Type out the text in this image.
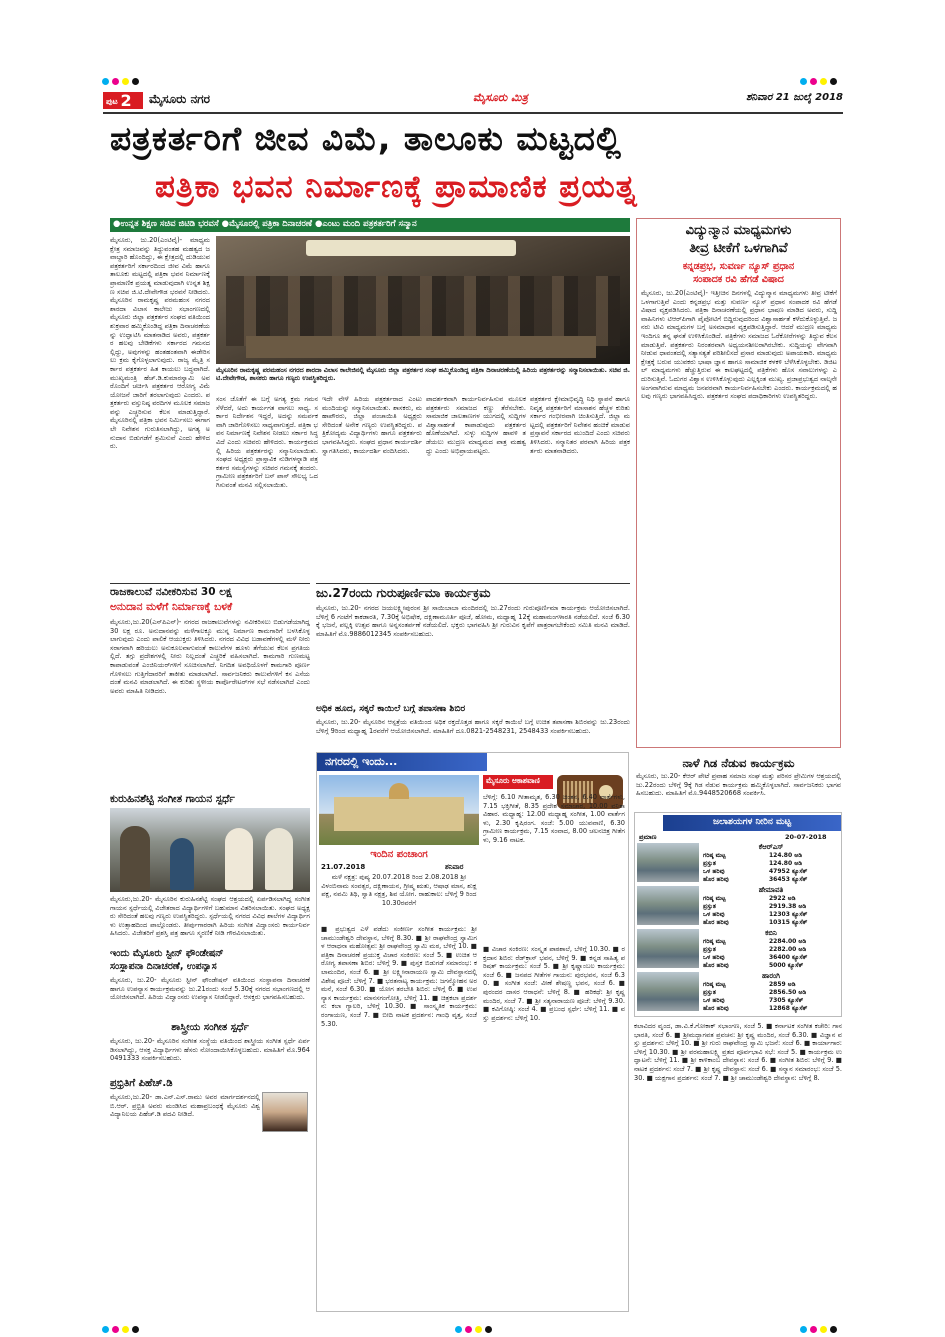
ಪುಟ 2	ಮೈಸೂರು ನಗರ	ಮೈಸೂರು ಮಿತ್ರ	ಶನಿವಾರ 21 ಜುಲೈ 2018
ಪತ್ರಕರ್ತರಿಗೆ ಜೀವ ವಿಮೆ, ತಾಲೂಕು ಮಟ್ಟದಲ್ಲಿ
ಪತ್ರಿಕಾ ಭವನ ನಿರ್ಮಾಣಕ್ಕೆ ಪ್ರಾಮಾಣಿಕ ಪ್ರಯತ್ನ
●ಉನ್ನತ ಶಿಕ್ಷಣ ಸಚಿವ ಜಿಟಿಡಿ ಭರವಸೆ ●ಮೈಸೂರಲ್ಲಿ ಪತ್ರಿಕಾ ದಿನಾಚರಣೆ ●ಎಂಟು ಮಂದಿ ಪತ್ರಕರ್ತರಿಗೆ ಸನ್ಮಾನ
ಮೈಸೂರು, ಜು.20(ಎಂಟಿವೈ)- ಮಾಧ್ಯಮ ಕ್ಷೇತ್ರ ಸಮಾಜವನ್ನು ತಿದ್ದುವಂತಹ ಮಹತ್ವದ ಜವಾಬ್ದಾರಿ ಹೊಂದಿದ್ದು, ಈ ಕ್ಷೇತ್ರದಲ್ಲಿ ದುಡಿಯುವ ಪತ್ರಕರ್ತರಿಗೆ ಸರ್ಕಾರದಿಂದ ಜೀವ ವಿಮೆ ಹಾಗೂ ತಾಲೂಕು ಮಟ್ಟದಲ್ಲಿ ಪತ್ರಿಕಾ ಭವನ ನಿರ್ಮಾಣಕ್ಕೆ ಪ್ರಾಮಾಣಿಕ ಪ್ರಯತ್ನ ಮಾಡುವುದಾಗಿ ಉನ್ನತ ಶಿಕ್ಷಣ ಸಚಿವ ಜಿ.ಟಿ.ದೇವೇಗೌಡ ಭರವಸೆ ನೀಡಿದರು. ಮೈಸೂರಿನ ರಾಮಕೃಷ್ಣ ಪರಮಹಂಸ ನಗರದ ಶಾರದಾ ವಿಲಾಸ ಕಾಲೇಜು ಸಭಾಂಗಣದಲ್ಲಿ ಮೈಸೂರು ಜಿಲ್ಲಾ ಪತ್ರಕರ್ತರ ಸಂಘದ ವತಿಯಿಂದ ಶುಕ್ರವಾರ ಹಮ್ಮಿಕೊಂಡಿದ್ದ ಪತ್ರಿಕಾ ದಿನಾಚರಣೆಯನ್ನು ಉದ್ಘಾಟಿಸಿ ಮಾತನಾಡಿದ ಅವರು, ಪತ್ರಕರ್ತರ ಹಲವು ಬೇಡಿಕೆಗಳು ಸರ್ಕಾರದ ಗಮನದಲ್ಲಿದ್ದು, ಅವುಗಳನ್ನು ಹಂತಹಂತವಾಗಿ ಈಡೇರಿಸಲು ಕ್ರಮ ಕೈಗೊಳ್ಳಲಾಗುವುದು. ರಾಜ್ಯ ಮೈತ್ರಿ ಸರ್ಕಾರ ಪತ್ರಕರ್ತರ ಹಿತ ಕಾಯಲು ಬದ್ಧವಾಗಿದೆ. ಮುಖ್ಯಮಂತ್ರಿ ಹೆಚ್.ಡಿ.ಕುಮಾರಸ್ವಾಮಿ ಅವರೊಂದಿಗೆ ಚರ್ಚಿಸಿ ಪತ್ರಕರ್ತರ ಆರೋಗ್ಯ ವಿಮೆ ಯೋಜನೆ ಜಾರಿಗೆ ತರಲಾಗುವುದು ಎಂದರು. ಪತ್ರಕರ್ತರು ವಸ್ತುನಿಷ್ಠ ವರದಿಗಳ ಮೂಲಕ ಸಮಾಜವನ್ನು ಎಚ್ಚರಿಸುವ ಕೆಲಸ ಮಾಡುತ್ತಿದ್ದಾರೆ. ಮೈಸೂರಿನಲ್ಲಿ ಪತ್ರಿಕಾ ಭವನ ನಿರ್ಮಿಸಲು ಈಗಾಗಲೇ ನಿವೇಶನ ಗುರುತಿಸಲಾಗಿದ್ದು, ಅಗತ್ಯ ಅನುದಾನ ಬಿಡುಗಡೆಗೆ ಶ್ರಮಿಸುವೆ ಎಂದು ಹೇಳಿದರು.
ಮೈಸೂರಿನ ರಾಮಕೃಷ್ಣ ಪರಮಹಂಸ ನಗರದ ಶಾರದಾ ವಿಲಾಸ ಕಾಲೇಜಿನಲ್ಲಿ ಮೈಸೂರು ಜಿಲ್ಲಾ ಪತ್ರಕರ್ತರ ಸಂಘ ಹಮ್ಮಿಕೊಂಡಿದ್ದ ಪತ್ರಿಕಾ ದಿನಾಚರಣೆಯಲ್ಲಿ ಹಿರಿಯ ಪತ್ರಕರ್ತರನ್ನು ಸನ್ಮಾನಿಸಲಾಯಿತು. ಸಚಿವ ಜಿ.ಟಿ.ದೇವೇಗೌಡ, ಶಾಸಕರು ಹಾಗೂ ಗಣ್ಯರು ಉಪಸ್ಥಿತರಿದ್ದರು.
ಸಂಸ ಜೊತೆಗೆ ಈ ಬಗ್ಗೆ ಅಗತ್ಯ ಕ್ರಮ ಗಮನ ಸೆಳೆದರೆ, ಅದು ಕಾರ್ಯಗತ ವಾಗಲು ಸಾಧ್ಯ. ಸರ್ಕಾರ ನಿರ್ದೇಶನ ಇದ್ದರೆ, ಅದನ್ನು ಸಮರ್ಪಕವಾಗಿ ಜಾರಿಗೊಳಿಸಲು ಸಾಧ್ಯವಾಗುತ್ತದೆ. ಪತ್ರಿಕಾ ಭವನ ನಿರ್ಮಾಣಕ್ಕೆ ನಿವೇಶನ ನೀಡಲು ಸರ್ಕಾರ ಸಿದ್ಧವಿದೆ ಎಂದು ಸಚಿವರು ಹೇಳಿದರು. ಕಾರ್ಯಕ್ರಮದಲ್ಲಿ ಹಿರಿಯ ಪತ್ರಕರ್ತರನ್ನು ಸನ್ಮಾನಿಸಲಾಯಿತು. ಸಂಘದ ಅಧ್ಯಕ್ಷರು ಪ್ರಾಸ್ತಾವಿಕ ನುಡಿಗಳನ್ನಾಡಿ ಪತ್ರಕರ್ತರ ಸಮಸ್ಯೆಗಳನ್ನು ಸಚಿವರ ಗಮನಕ್ಕೆ ತಂದರು. ಗ್ರಾಮೀಣ ಪತ್ರಕರ್ತರಿಗೆ ಬಸ್ ಪಾಸ್ ಸೌಲಭ್ಯ ಒದಗಿಸುವಂತೆ ಮನವಿ ಸಲ್ಲಿಸಲಾಯಿತು.
ಇದೇ ವೇಳೆ ಹಿರಿಯ ಪತ್ರಕರ್ತರಾದ ಎಂಟು ಮಂದಿಯನ್ನು ಸನ್ಮಾನಿಸಲಾಯಿತು. ಶಾಸಕರು, ಮಹಾಪೌರರು, ಜಿಲ್ಲಾ ಪಂಚಾಯಿತಿ ಅಧ್ಯಕ್ಷರು ಸೇರಿದಂತೆ ಅನೇಕ ಗಣ್ಯರು ಉಪಸ್ಥಿತರಿದ್ದರು. ಪತ್ರಿಕೋದ್ಯಮ ವಿದ್ಯಾರ್ಥಿಗಳು ಹಾಗೂ ಪತ್ರಕರ್ತರು ಭಾಗವಹಿಸಿದ್ದರು. ಸಂಘದ ಪ್ರಧಾನ ಕಾರ್ಯದರ್ಶಿ ಸ್ವಾಗತಿಸಿದರು, ಕಾರ್ಯದರ್ಶಿ ವಂದಿಸಿದರು.
ಪಾದರ್ಶಕವಾಗಿ ಕಾರ್ಯನಿರ್ವಹಿಸುವ ಮೂಲಕ ಪತ್ರಕರ್ತರು ಸಮಾಜದ ಕಣ್ಣು ತೆರೆಸಬೇಕು. ಸಾಮಾಜಿಕ ಜಾಲತಾಣಗಳ ಯುಗದಲ್ಲಿ ಸುದ್ದಿಗಳ ವಿಶ್ವಾಸಾರ್ಹತೆ ಕಾಪಾಡುವುದು ಪತ್ರಕರ್ತರ ಹೊಣೆಯಾಗಿದೆ. ಸುಳ್ಳು ಸುದ್ದಿಗಳ ಹಾವಳಿ ತಡೆಯಲು ಮುದ್ರಣ ಮಾಧ್ಯಮದ ಪಾತ್ರ ಮಹತ್ವದ್ದು ಎಂದು ಅಭಿಪ್ರಾಯಪಟ್ಟರು.
ಪತ್ರಕರ್ತರ ಕ್ಷೇಮಾಭಿವೃದ್ಧಿ ನಿಧಿ ಸ್ಥಾಪನೆ ಹಾಗೂ ನಿವೃತ್ತ ಪತ್ರಕರ್ತರಿಗೆ ಮಾಸಾಶನ ಹೆಚ್ಚಳ ಕುರಿತು ಸರ್ಕಾರ ಗಂಭೀರವಾಗಿ ಚಿಂತಿಸುತ್ತಿದೆ. ಜಿಲ್ಲಾ ಮಟ್ಟದಲ್ಲಿ ಪತ್ರಕರ್ತರಿಗೆ ನಿವೇಶನ ಹಂಚಿಕೆ ಮಾಡುವ ಪ್ರಸ್ತಾವನೆ ಸರ್ಕಾರದ ಮುಂದಿದೆ ಎಂದು ಸಚಿವರು ತಿಳಿಸಿದರು. ಸನ್ಮಾನಿತರ ಪರವಾಗಿ ಹಿರಿಯ ಪತ್ರಕರ್ತರು ಮಾತನಾಡಿದರು.
ವಿದ್ಯುನ್ಮಾನ ಮಾಧ್ಯಮಗಳು
ತೀವ್ರ ಟೀಕೆಗೆ ಒಳಗಾಗಿವೆ
ಕನ್ನಡಪ್ರಭ, ಸುವರ್ಣ ನ್ಯೂಸ್ ಪ್ರಧಾನ
ಸಂಪಾದಕ ರವಿ ಹೆಗಡೆ ವಿಷಾದ
ಮೈಸೂರು, ಜು.20(ಎಂಟಿವೈ)- ಇತ್ತೀಚಿನ ದಿನಗಳಲ್ಲಿ ವಿದ್ಯುನ್ಮಾನ ಮಾಧ್ಯಮಗಳು ತೀವ್ರ ಟೀಕೆಗೆ ಒಳಗಾಗುತ್ತಿವೆ ಎಂದು ಕನ್ನಡಪ್ರಭ ಮತ್ತು ಸುವರ್ಣ ನ್ಯೂಸ್ ಪ್ರಧಾನ ಸಂಪಾದಕ ರವಿ ಹೆಗಡೆ ವಿಷಾದ ವ್ಯಕ್ತಪಡಿಸಿದರು. ಪತ್ರಿಕಾ ದಿನಾಚರಣೆಯಲ್ಲಿ ಪ್ರಧಾನ ಭಾಷಣ ಮಾಡಿದ ಅವರು, ಸುದ್ದಿ ವಾಹಿನಿಗಳು ಟಿಆರ್‌ಪಿಗಾಗಿ ಪೈಪೋಟಿಗೆ ಬಿದ್ದಿರುವುದರಿಂದ ವಿಶ್ವಾಸಾರ್ಹತೆ ಕಳೆದುಕೊಳ್ಳುತ್ತಿವೆ. ಜನರು ಟೀವಿ ಮಾಧ್ಯಮಗಳ ಬಗ್ಗೆ ಅಸಮಾಧಾನ ವ್ಯಕ್ತಪಡಿಸುತ್ತಿದ್ದಾರೆ. ಆದರೆ ಮುದ್ರಣ ಮಾಧ್ಯಮ ಇಂದಿಗೂ ತನ್ನ ಘನತೆ ಉಳಿಸಿಕೊಂಡಿದೆ. ಪತ್ರಿಕೆಗಳು ಸಮಾಜದ ಓರೆಕೋರೆಗಳನ್ನು ತಿದ್ದುವ ಕೆಲಸ ಮಾಡುತ್ತಿವೆ. ಪತ್ರಕರ್ತರು ನಿರಂತರವಾಗಿ ಅಧ್ಯಯನಶೀಲರಾಗಿರಬೇಕು. ಸುದ್ದಿಯನ್ನು ವೇಗವಾಗಿ ನೀಡುವ ಧಾವಂತದಲ್ಲಿ ಸತ್ಯಾಸತ್ಯತೆ ಪರಿಶೀಲಿಸದೆ ಪ್ರಸಾರ ಮಾಡುವುದು ಅಪಾಯಕಾರಿ. ಮಾಧ್ಯಮ ಕ್ಷೇತ್ರಕ್ಕೆ ಬರುವ ಯುವಕರು ಭಾಷಾ ಜ್ಞಾನ ಹಾಗೂ ಸಾಮಾಜಿಕ ಕಳಕಳಿ ಬೆಳೆಸಿಕೊಳ್ಳಬೇಕು. ಡಿಜಿಟಲ್ ಮಾಧ್ಯಮಗಳು ಹೆಚ್ಚುತ್ತಿರುವ ಈ ಕಾಲಘಟ್ಟದಲ್ಲಿ ಪತ್ರಿಕೆಗಳು ಹೊಸ ಸವಾಲುಗಳನ್ನು ಎದುರಿಸುತ್ತಿವೆ. ಓದುಗರ ವಿಶ್ವಾಸ ಉಳಿಸಿಕೊಳ್ಳುವುದು ಎಲ್ಲಕ್ಕಿಂತ ಮುಖ್ಯ. ಪ್ರಜಾಪ್ರಭುತ್ವದ ನಾಲ್ಕನೇ ಅಂಗವಾಗಿರುವ ಮಾಧ್ಯಮ ಜನಪರವಾಗಿ ಕಾರ್ಯನಿರ್ವಹಿಸಬೇಕು ಎಂದರು. ಕಾರ್ಯಕ್ರಮದಲ್ಲಿ ಹಲವು ಗಣ್ಯರು ಭಾಗವಹಿಸಿದ್ದರು. ಪತ್ರಕರ್ತರ ಸಂಘದ ಪದಾಧಿಕಾರಿಗಳು ಉಪಸ್ಥಿತರಿದ್ದರು.
ನಾಳೆ ಗಿಡ ನೆಡುವ ಕಾರ್ಯಕ್ರಮ
ಮೈಸೂರು, ಜು.20- ಕೆಆರ್ ಪೇಟೆ ಪ್ರವಾಹ ಸಮಾಜ ಸಂಘ ಮತ್ತು ಪರಿಸರ ಪ್ರೇಮಿಗಳ ಆಶ್ರಯದಲ್ಲಿ ಜು.22ರಂದು ಬೆಳಿಗ್ಗೆ 9ಕ್ಕೆ ಗಿಡ ನೆಡುವ ಕಾರ್ಯಕ್ರಮ ಹಮ್ಮಿಕೊಳ್ಳಲಾಗಿದೆ. ಸಾರ್ವಜನಿಕರು ಭಾಗವಹಿಸಬಹುದು. ಮಾಹಿತಿಗೆ ಮೊ.9448520668 ಸಂಪರ್ಕಿಸಿ.
ರಾಜಕಾಲುವೆ ನವೀಕರಿಸುವ 30 ಲಕ್ಷ
ಅನುದಾನ ಮಳೆಗೆ ನಿರ್ಮಾಣಕ್ಕೆ ಬಳಕೆ
ಮೈಸೂರು,ಜು.20(ಎಸ್‌ಪಿಎನ್)- ನಗರದ ರಾಜಕಾಲುವೆಗಳನ್ನು ನವೀಕರಿಸಲು ಬಿಡುಗಡೆಯಾಗಿದ್ದ 30 ಲಕ್ಷ ರೂ. ಅನುದಾನವನ್ನು ಮಳೆಗಾಲಕ್ಕೂ ಮುನ್ನ ನಿರ್ಮಾಣ ಕಾಮಗಾರಿಗೆ ಬಳಸಿಕೊಳ್ಳಲಾಗುವುದು ಎಂದು ಪಾಲಿಕೆ ಆಯುಕ್ತರು ತಿಳಿಸಿದರು. ನಗರದ ವಿವಿಧ ಬಡಾವಣೆಗಳಲ್ಲಿ ಮಳೆ ನೀರು ಸರಾಗವಾಗಿ ಹರಿಯಲು ಅನುಕೂಲವಾಗುವಂತೆ ಕಾಲುವೆಗಳ ಹೂಳು ತೆಗೆಯುವ ಕೆಲಸ ಪ್ರಗತಿಯಲ್ಲಿದೆ. ತಗ್ಗು ಪ್ರದೇಶಗಳಲ್ಲಿ ನೀರು ನಿಲ್ಲದಂತೆ ಎಚ್ಚರಿಕೆ ವಹಿಸಲಾಗಿದೆ. ಕಾಮಗಾರಿ ಗುಣಮಟ್ಟ ಕಾಪಾಡುವಂತೆ ಎಂಜಿನಿಯರ್‌ಗಳಿಗೆ ಸೂಚಿಸಲಾಗಿದೆ. ನಿಗದಿತ ಅವಧಿಯೊಳಗೆ ಕಾಮಗಾರಿ ಪೂರ್ಣಗೊಳಿಸಲು ಗುತ್ತಿಗೆದಾರರಿಗೆ ತಾಕೀತು ಮಾಡಲಾಗಿದೆ. ಸಾರ್ವಜನಿಕರು ಕಾಲುವೆಗಳಿಗೆ ಕಸ ಎಸೆಯದಂತೆ ಮನವಿ ಮಾಡಲಾಗಿದೆ. ಈ ಕುರಿತು ಸ್ಥಳೀಯ ಕಾರ್ಪೊರೇಟರ್‌ಗಳ ಸಭೆ ನಡೆಸಲಾಗಿದೆ ಎಂದು ಅವರು ಮಾಹಿತಿ ನೀಡಿದರು.
ಕುರುಹಿನಶೆಟ್ಟಿ ಸಂಗೀತ ಗಾಯನ ಸ್ಪರ್ಧೆ
ಮೈಸೂರು,ಜು.20- ಮೈಸೂರಿನ ಕುರುಹಿನಶೆಟ್ಟಿ ಸಂಘದ ಆಶ್ರಯದಲ್ಲಿ ಏರ್ಪಡಿಸಲಾಗಿದ್ದ ಸಂಗೀತ ಗಾಯನ ಸ್ಪರ್ಧೆಯಲ್ಲಿ ವಿಜೇತರಾದ ವಿದ್ಯಾರ್ಥಿಗಳಿಗೆ ಬಹುಮಾನ ವಿತರಿಸಲಾಯಿತು. ಸಂಘದ ಅಧ್ಯಕ್ಷರು ಸೇರಿದಂತೆ ಹಲವು ಗಣ್ಯರು ಉಪಸ್ಥಿತರಿದ್ದರು. ಸ್ಪರ್ಧೆಯಲ್ಲಿ ನಗರದ ವಿವಿಧ ಶಾಲೆಗಳ ವಿದ್ಯಾರ್ಥಿಗಳು ಉತ್ಸಾಹದಿಂದ ಪಾಲ್ಗೊಂಡರು. ತೀರ್ಪುಗಾರರಾಗಿ ಹಿರಿಯ ಸಂಗೀತ ವಿದ್ವಾಂಸರು ಕಾರ್ಯನಿರ್ವಹಿಸಿದರು. ವಿಜೇತರಿಗೆ ಪ್ರಶಸ್ತಿ ಪತ್ರ ಹಾಗೂ ಸ್ಮರಣಿಕೆ ನೀಡಿ ಗೌರವಿಸಲಾಯಿತು.
ಇಂದು ಮೈಸೂರು ಸ್ಟೀನ್ ಫೌಂಡೇಷನ್
ಸಂಸ್ಥಾಪನಾ ದಿನಾಚರಣೆ, ಉಪನ್ಯಾಸ
ಮೈಸೂರು, ಜು.20- ಮೈಸೂರು ಸ್ಟೀನ್ ಫೌಂಡೇಷನ್ ವತಿಯಿಂದ ಸಂಸ್ಥಾಪನಾ ದಿನಾಚರಣೆ ಹಾಗೂ ಉಪನ್ಯಾಸ ಕಾರ್ಯಕ್ರಮವನ್ನು ಜು.21ರಂದು ಸಂಜೆ 5.30ಕ್ಕೆ ನಗರದ ಸಭಾಂಗಣದಲ್ಲಿ ಆಯೋಜಿಸಲಾಗಿದೆ. ಹಿರಿಯ ವಿದ್ವಾಂಸರು ಉಪನ್ಯಾಸ ನೀಡಲಿದ್ದಾರೆ. ಆಸಕ್ತರು ಭಾಗವಹಿಸಬಹುದು.
ಶಾಸ್ತ್ರೀಯ ಸಂಗೀತ ಸ್ಪರ್ಧೆ
ಮೈಸೂರು, ಜು.20- ಮೈಸೂರಿನ ಸಂಗೀತ ಸಂಸ್ಥೆಯ ವತಿಯಿಂದ ಶಾಸ್ತ್ರೀಯ ಸಂಗೀತ ಸ್ಪರ್ಧೆ ಏರ್ಪಡಿಸಲಾಗಿದ್ದು, ಆಸಕ್ತ ವಿದ್ಯಾರ್ಥಿಗಳು ಹೆಸರು ನೋಂದಾಯಿಸಿಕೊಳ್ಳಬಹುದು. ಮಾಹಿತಿಗೆ ಮೊ.9640491333 ಸಂಪರ್ಕಿಸಬಹುದು.
ಪ್ರಭ್ರಿತಿಗೆ ಪಿಹೆಚ್.ಡಿ
ಮೈಸೂರು,ಜು.20- ಡಾ.ಎನ್.ಎಸ್.ರಾಮು ಅವರ ಮಾರ್ಗದರ್ಶನದಲ್ಲಿ ಬಿ.ಆರ್. ಪ್ರಭ್ರಿತಿ ಅವರು ಮಂಡಿಸಿದ ಮಹಾಪ್ರಬಂಧಕ್ಕೆ ಮೈಸೂರು ವಿಶ್ವವಿದ್ಯಾನಿಲಯ ಪಿಹೆಚ್.ಡಿ ಪದವಿ ನೀಡಿದೆ.
ಜು.27ರಂದು ಗುರುಪೂರ್ಣಿಮಾ ಕಾರ್ಯಕ್ರಮ
ಮೈಸೂರು, ಜು.20- ನಗರದ ಜಯಲಕ್ಷ್ಮೀಪುರಂನ ಶ್ರೀ ಸಾಯಿಬಾಬಾ ಮಂದಿರದಲ್ಲಿ ಜು.27ರಂದು ಗುರುಪೂರ್ಣಿಮಾ ಕಾರ್ಯಕ್ರಮ ಆಯೋಜಿಸಲಾಗಿದೆ. ಬೆಳಿಗ್ಗೆ 6 ಗಂಟೆಗೆ ಕಾಕಡಾರತಿ, 7.30ಕ್ಕೆ ಅಭಿಷೇಕ, ದಕ್ಷಿಣಾಮೂರ್ತಿ ಪೂಜೆ, ಹೋಮ, ಮಧ್ಯಾಹ್ನ 12ಕ್ಕೆ ಮಹಾಮಂಗಳಾರತಿ ನಡೆಯಲಿದೆ. ಸಂಜೆ 6.30ಕ್ಕೆ ಭಜನೆ, ಪಲ್ಲಕ್ಕಿ ಉತ್ಸವ ಹಾಗೂ ಅನ್ನಸಂತರ್ಪಣೆ ನಡೆಯಲಿದೆ. ಭಕ್ತರು ಭಾಗವಹಿಸಿ ಶ್ರೀ ಗುರುವಿನ ಕೃಪೆಗೆ ಪಾತ್ರರಾಗಬೇಕೆಂದು ಸಮಿತಿ ಮನವಿ ಮಾಡಿದೆ. ಮಾಹಿತಿಗೆ ಮೊ.9886012345 ಸಂಪರ್ಕಿಸಬಹುದು.
ಅಧಿಕ ಹೂದ, ಸಕ್ಕರೆ ಕಾಯಿಲೆ ಬಗ್ಗೆ ತಪಾಸಣಾ ಶಿಬಿರ
ಮೈಸೂರು, ಜು.20- ಮೈಸೂರಿನ ಆಸ್ಪತ್ರೆಯ ವತಿಯಿಂದ ಅಧಿಕ ರಕ್ತದೊತ್ತಡ ಹಾಗೂ ಸಕ್ಕರೆ ಕಾಯಿಲೆ ಬಗ್ಗೆ ಉಚಿತ ತಪಾಸಣಾ ಶಿಬಿರವನ್ನು ಜು.23ರಂದು ಬೆಳಿಗ್ಗೆ 9ರಿಂದ ಮಧ್ಯಾಹ್ನ 1ರವರೆಗೆ ಆಯೋಜಿಸಲಾಗಿದೆ. ಮಾಹಿತಿಗೆ ದೂ.0821-2548231, 2548433 ಸಂಪರ್ಕಿಸಬಹುದು.
ನಗರದಲ್ಲಿ ಇಂದು...
ಇಂದಿನ ಪಂಚಾಂಗ
21.07.2018	ಶನಿವಾರ
ಮಳೆ ನಕ್ಷತ್ರ: ಪುಷ್ಯ 20.07.2018 ರಿಂದ 2.08.2018 ಶ್ರೀ ವಿಳಂಬಿನಾಮ ಸಂವತ್ಸರ, ದಕ್ಷಿಣಾಯನ, ಗ್ರೀಷ್ಮ ಋತು, ಆಷಾಢ ಮಾಸ, ಶುಕ್ಲ ಪಕ್ಷ, ನವಮಿ ತಿಥಿ, ಸ್ವಾತಿ ನಕ್ಷತ್ರ, ಶಿವ ಯೋಗ. ರಾಹುಕಾಲ: ಬೆಳಿಗ್ಗೆ 9 ರಿಂದ 10.30ರವರೆಗೆ
■ ಪ್ರಭುತ್ವದ ಎಳೆ ಪಡೆದು ಸಂಕೀರ್ಣ ಸಂಗೀತ ಕಾರ್ಯಕ್ರಮ: ಶ್ರೀ ಚಾಮುಂಡೇಶ್ವರಿ ದೇವಸ್ಥಾನ, ಬೆಳಿಗ್ಗೆ 8.30. ■ ಶ್ರೀ ರಾಘವೇಂದ್ರ ಸ್ವಾಮಿಗಳ ಆರಾಧನಾ ಮಹೋತ್ಸವ: ಶ್ರೀ ರಾಘವೇಂದ್ರ ಸ್ವಾಮಿ ಮಠ, ಬೆಳಿಗ್ಗೆ 10. ■ ಪತ್ರಿಕಾ ದಿನಾಚರಣೆ ಪ್ರಯುಕ್ತ ವಿಚಾರ ಸಂಕಿರಣ: ಸಂಜೆ 5. ■ ಉಚಿತ ಆರೋಗ್ಯ ತಪಾಸಣಾ ಶಿಬಿರ: ಬೆಳಿಗ್ಗೆ 9. ■ ಪುಸ್ತಕ ಬಿಡುಗಡೆ ಸಮಾರಂಭ: ಕಲಾಮಂದಿರ, ಸಂಜೆ 6. ■ ಶ್ರೀ ಲಕ್ಷ್ಮೀನಾರಾಯಣ ಸ್ವಾಮಿ ದೇವಸ್ಥಾನದಲ್ಲಿ ವಿಶೇಷ ಪೂಜೆ: ಬೆಳಿಗ್ಗೆ 7. ■ ಭರತನಾಟ್ಯ ಕಾರ್ಯಕ್ರಮ: ಜಗನ್ಮೋಹನ ಅರಮನೆ, ಸಂಜೆ 6.30. ■ ಯೋಗ ತರಬೇತಿ ಶಿಬಿರ: ಬೆಳಿಗ್ಗೆ 6. ■ ಉಪನ್ಯಾಸ ಕಾರ್ಯಕ್ರಮ: ಮಾನಸಗಂಗೋತ್ರಿ, ಬೆಳಿಗ್ಗೆ 11. ■ ಚಿತ್ರಕಲಾ ಪ್ರದರ್ಶನ: ಕಲಾ ಗ್ಯಾಲರಿ, ಬೆಳಿಗ್ಗೆ 10.30. ■ ಸಾಂಸ್ಕೃತಿಕ ಕಾರ್ಯಕ್ರಮ: ರಂಗಾಯಣ, ಸಂಜೆ 7. ■ ಬೀದಿ ನಾಟಕ ಪ್ರದರ್ಶನ: ಗಾಂಧಿ ವೃತ್ತ, ಸಂಜೆ 5.30.
ಮೈಸೂರು ಆಕಾಶವಾಣಿ
ಬೆಳಿಗ್ಗೆ: 6.10 ಗೀತಾಮೃತ, 6.30 ಚಿಂತನ, 6.40 ವಾರ್ತೆಗಳು, 7.15 ಭಕ್ತಿಗೀತೆ, 8.35 ಪ್ರದೇಶ ಸಮಾಚಾರ, 10.00 ವನಿತಾ ವಿಹಾರ. ಮಧ್ಯಾಹ್ನ: 12.00 ಮಧ್ಯಾಹ್ನ ಸಂಗೀತ, 1.00 ವಾರ್ತೆಗಳು, 2.30 ಕೃಷಿರಂಗ. ಸಂಜೆ: 5.00 ಯುವವಾಣಿ, 6.30 ಗ್ರಾಮೀಣ ಕಾರ್ಯಕ್ರಮ, 7.15 ಸಂವಾದ, 8.00 ಚಲನಚಿತ್ರ ಗೀತೆಗಳು, 9.16 ನಾಟಕ.
■ ವಿಚಾರ ಸಂಕಿರಣ: ಸಂಸ್ಕೃತ ಪಾಠಶಾಲೆ, ಬೆಳಿಗ್ಗೆ 10.30. ■ ರಕ್ತದಾನ ಶಿಬಿರ: ರೆಡ್‌ಕ್ರಾಸ್ ಭವನ, ಬೆಳಿಗ್ಗೆ 9. ■ ಕನ್ನಡ ಸಾಹಿತ್ಯ ಪರಿಷತ್ ಕಾರ್ಯಕ್ರಮ: ಸಂಜೆ 5. ■ ಶ್ರೀ ಕೃಷ್ಣಾಂಬಲ ಕಾರ್ಯಕ್ರಮ: ಸಂಜೆ 6. ■ ಜನಪದ ಗೀತೆಗಳ ಗಾಯನ: ಪುರಭವನ, ಸಂಜೆ 6.30. ■ ಸಂಗೀತ ಸಂಜೆ: ವೀಣೆ ಶೇಷಣ್ಣ ಭವನ, ಸಂಜೆ 6. ■ ಪುರಂದರ ದಾಸರ ಆರಾಧನೆ: ಬೆಳಿಗ್ಗೆ 8. ■ ಹರಿಕಥೆ: ಶ್ರೀ ಕೃಷ್ಣ ಮಂದಿರ, ಸಂಜೆ 7. ■ ಶ್ರೀ ಸತ್ಯನಾರಾಯಣ ಪೂಜೆ: ಬೆಳಿಗ್ಗೆ 9.30. ■ ಕವಿಗೋಷ್ಠಿ: ಸಂಜೆ 4. ■ ಪ್ರಬಂಧ ಸ್ಪರ್ಧೆ: ಬೆಳಿಗ್ಗೆ 11. ■ ವಸ್ತು ಪ್ರದರ್ಶನ: ಬೆಳಿಗ್ಗೆ 10.
ಜಲಾಶಯಗಳ ನೀರಿನ ಮಟ್ಟ
ಪ್ರಮಾಣ	20-07-2018
ಕೆಆರ್‌ಎಸ್
ಗರಿಷ್ಠ ಮಟ್ಟ	124.80 ಅಡಿ
ಪ್ರಸ್ತುತ	124.80 ಅಡಿ
ಒಳ ಹರಿವು	47952 ಕ್ಯೂಸೆಕ್
ಹೊರ ಹರಿವು	36453 ಕ್ಯೂಸೆಕ್
ಹೇಮಾವತಿ
ಗರಿಷ್ಠ ಮಟ್ಟ	2922 ಅಡಿ
ಪ್ರಸ್ತುತ	2919.38 ಅಡಿ
ಒಳ ಹರಿವು	12303 ಕ್ಯೂಸೆಕ್
ಹೊರ ಹರಿವು	10315 ಕ್ಯೂಸೆಕ್
ಕಬಿನಿ
ಗರಿಷ್ಠ ಮಟ್ಟ	2284.00 ಅಡಿ
ಪ್ರಸ್ತುತ	2282.00 ಅಡಿ
ಒಳ ಹರಿವು	36400 ಕ್ಯೂಸೆಕ್
ಹೊರ ಹರಿವು	5000 ಕ್ಯೂಸೆಕ್
ಹಾರಂಗಿ
ಗರಿಷ್ಠ ಮಟ್ಟ	2859 ಅಡಿ
ಪ್ರಸ್ತುತ	2856.50 ಅಡಿ
ಒಳ ಹರಿವು	7305 ಕ್ಯೂಸೆಕ್
ಹೊರ ಹರಿವು	12868 ಕ್ಯೂಸೆಕ್
ಕಲಾವಿದರ ವೃಂದ, ಡಾ.ವಿ.ಕೆ.ಗೋಕಾಕ್ ಸಭಾಂಗಣ, ಸಂಜೆ 5. ■ ಕರ್ನಾಟಕ ಸಂಗೀತ ಕಚೇರಿ: ಗಾನಭಾರತಿ, ಸಂಜೆ 6. ■ ಶ್ರೀಮದ್ಭಾಗವತ ಪ್ರವಚನ: ಶ್ರೀ ಕೃಷ್ಣ ಮಂದಿರ, ಸಂಜೆ 6.30. ■ ವಿಜ್ಞಾನ ವಸ್ತು ಪ್ರದರ್ಶನ: ಬೆಳಿಗ್ಗೆ 10. ■ ಶ್ರೀ ಗುರು ರಾಘವೇಂದ್ರ ಸ್ವಾಮಿ ಭಜನೆ: ಸಂಜೆ 6. ■ ಕಾರ್ಯಾಗಾರ: ಬೆಳಿಗ್ಗೆ 10.30. ■ ಶ್ರೀ ವರಮಹಾಲಕ್ಷ್ಮಿ ವ್ರತದ ಪೂರ್ವಭಾವಿ ಸಭೆ: ಸಂಜೆ 5. ■ ಕಾರ್ಯಕ್ರಮ ಉದ್ಘಾಟನೆ: ಬೆಳಿಗ್ಗೆ 11. ■ ಶ್ರೀ ಕಾಳಿಕಾಂಬ ದೇವಸ್ಥಾನ: ಸಂಜೆ 6. ■ ಸಂಗೀತ ಶಿಬಿರ: ಬೆಳಿಗ್ಗೆ 9. ■ ನಾಟಕ ಪ್ರದರ್ಶನ: ಸಂಜೆ 7. ■ ಶ್ರೀ ಕೃಷ್ಣ ದೇವಸ್ಥಾನ: ಸಂಜೆ 6. ■ ಸನ್ಮಾನ ಸಮಾರಂಭ: ಸಂಜೆ 5.30. ■ ಯಕ್ಷಗಾನ ಪ್ರದರ್ಶನ: ಸಂಜೆ 7. ■ ಶ್ರೀ ಚಾಮುಂಡೇಶ್ವರಿ ದೇವಸ್ಥಾನ: ಬೆಳಿಗ್ಗೆ 8.
